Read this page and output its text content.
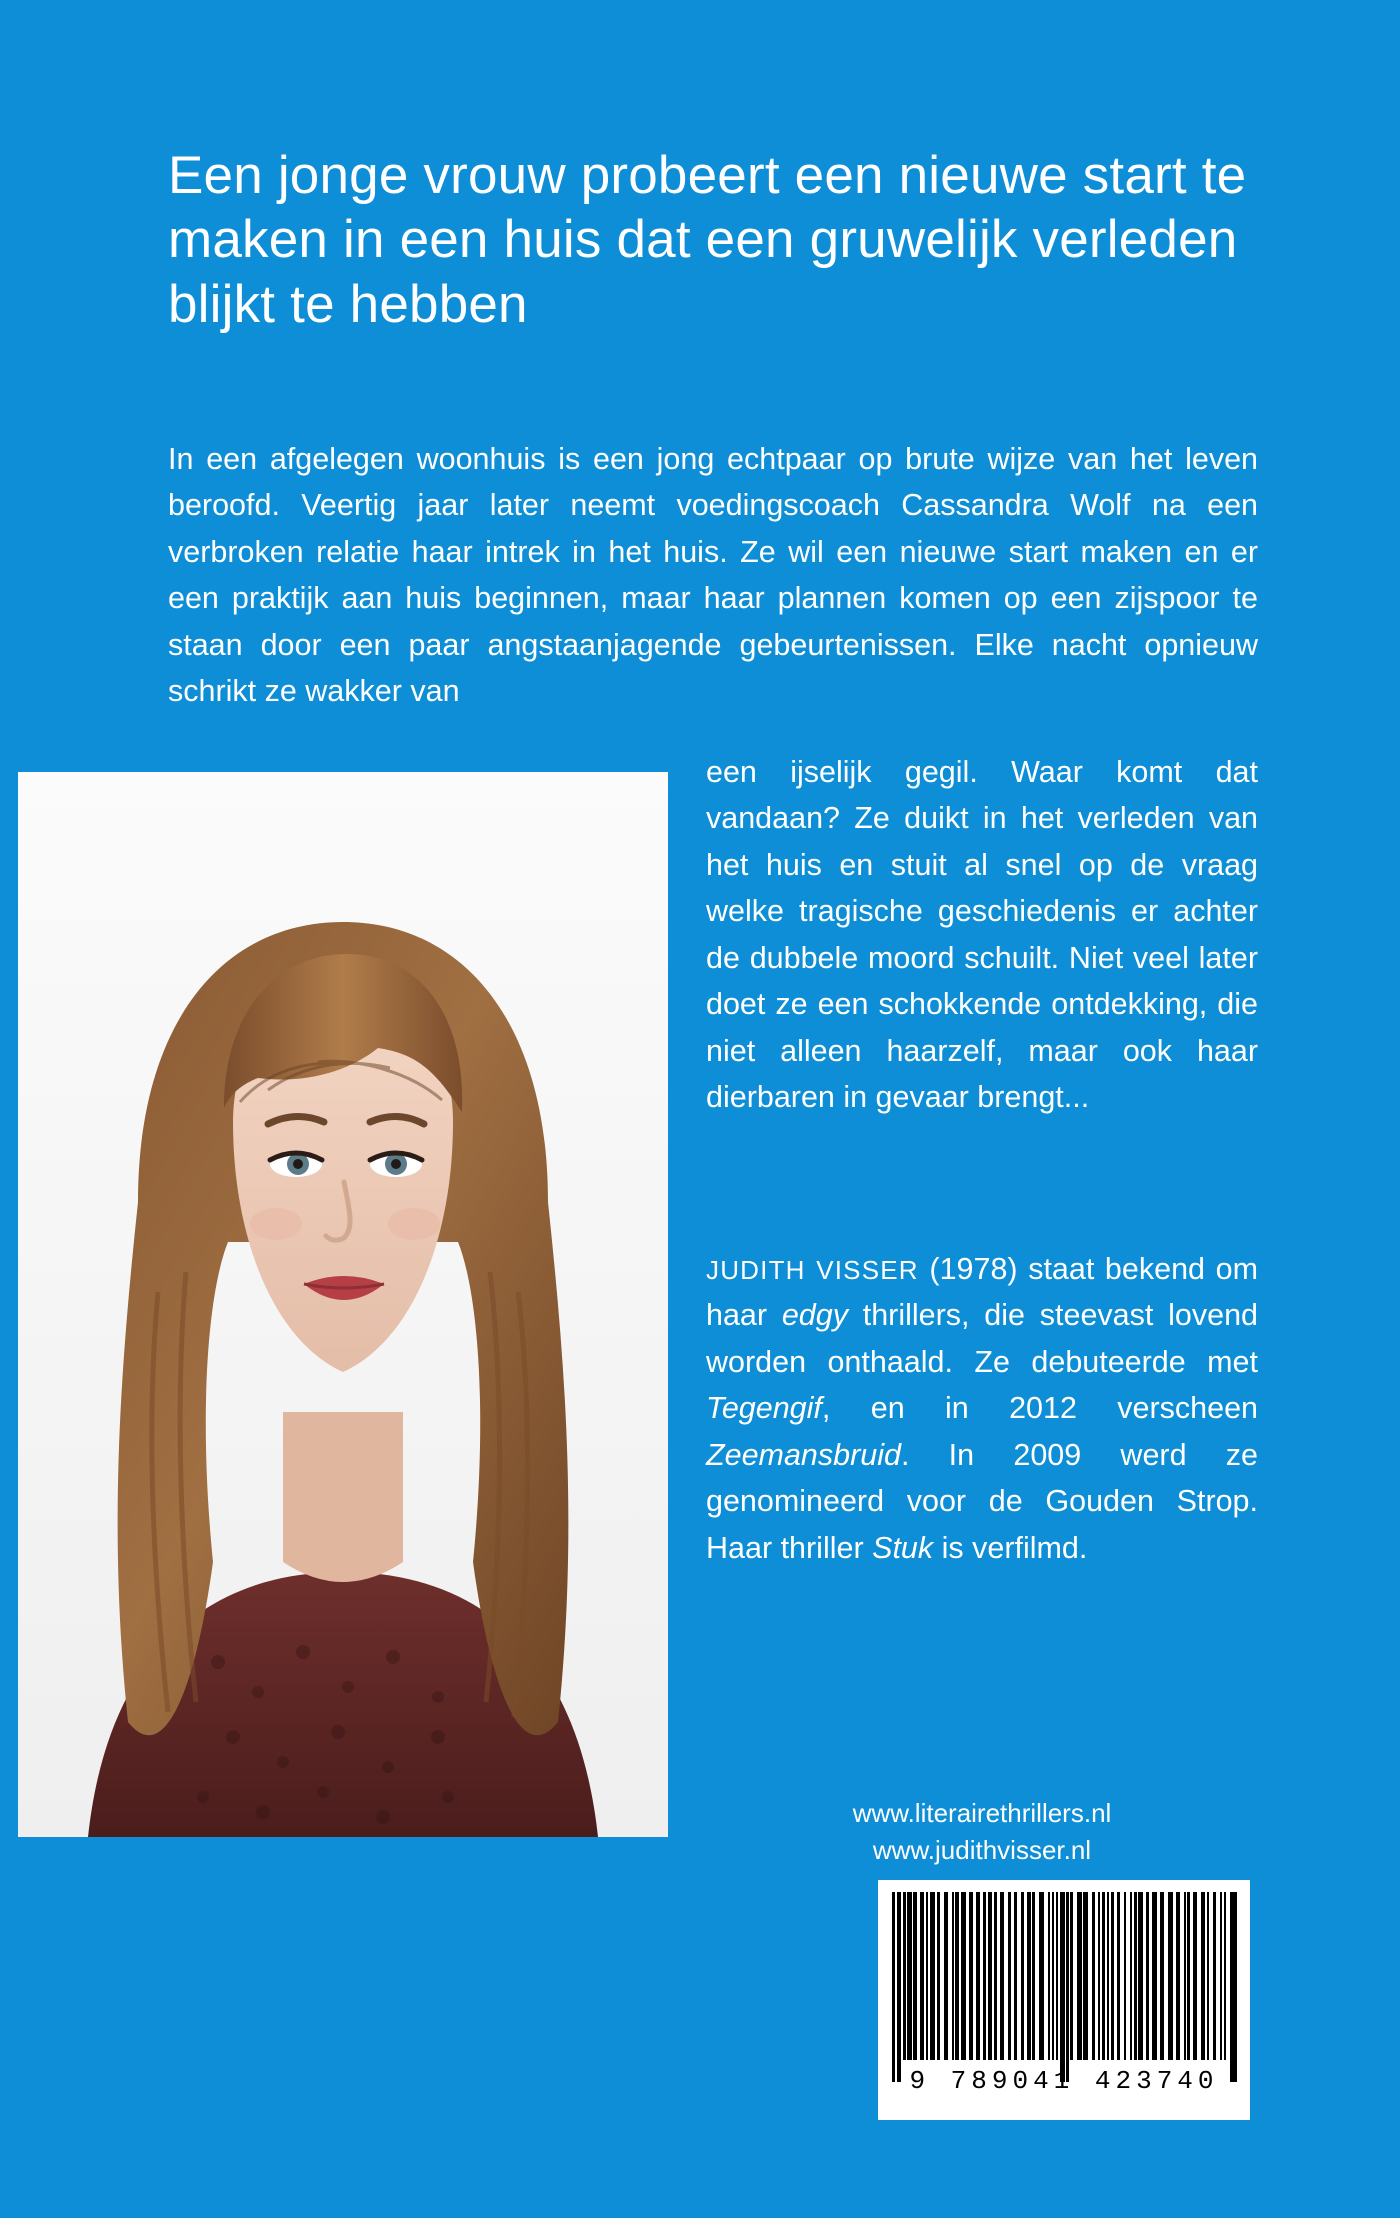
Een jonge vrouw probeert een nieuwe start te maken in een huis dat een gruwelijk verleden blijkt te hebben

In een afgelegen woonhuis is een jong echtpaar op brute wijze van het leven beroofd. Veertig jaar later neemt voedingscoach Cassandra Wolf na een verbroken relatie haar intrek in het huis. Ze wil een nieuwe start maken en er een praktijk aan huis beginnen, maar haar plannen komen op een zijspoor te staan door een paar angstaanjagende gebeurtenissen. Elke nacht opnieuw schrikt ze wakker van

een ijselijk gegil. Waar komt dat vandaan? Ze duikt in het verleden van het huis en stuit al snel op de vraag welke tragische geschiedenis er achter de dubbele moord schuilt. Niet veel later doet ze een schokkende ontdekking, die niet alleen haarzelf, maar ook haar dierbaren in gevaar brengt...

JUDITH VISSER (1978) staat bekend om haar edgy thrillers, die steevast lovend worden onthaald. Ze debuteerde met Tegengif, en in 2012 verscheen Zeemansbruid. In 2009 werd ze genomineerd voor de Gouden Strop. Haar thriller Stuk is verfilmd.

www.literairethrillers.nl
www.judithvisser.nl
9 789041 423740
